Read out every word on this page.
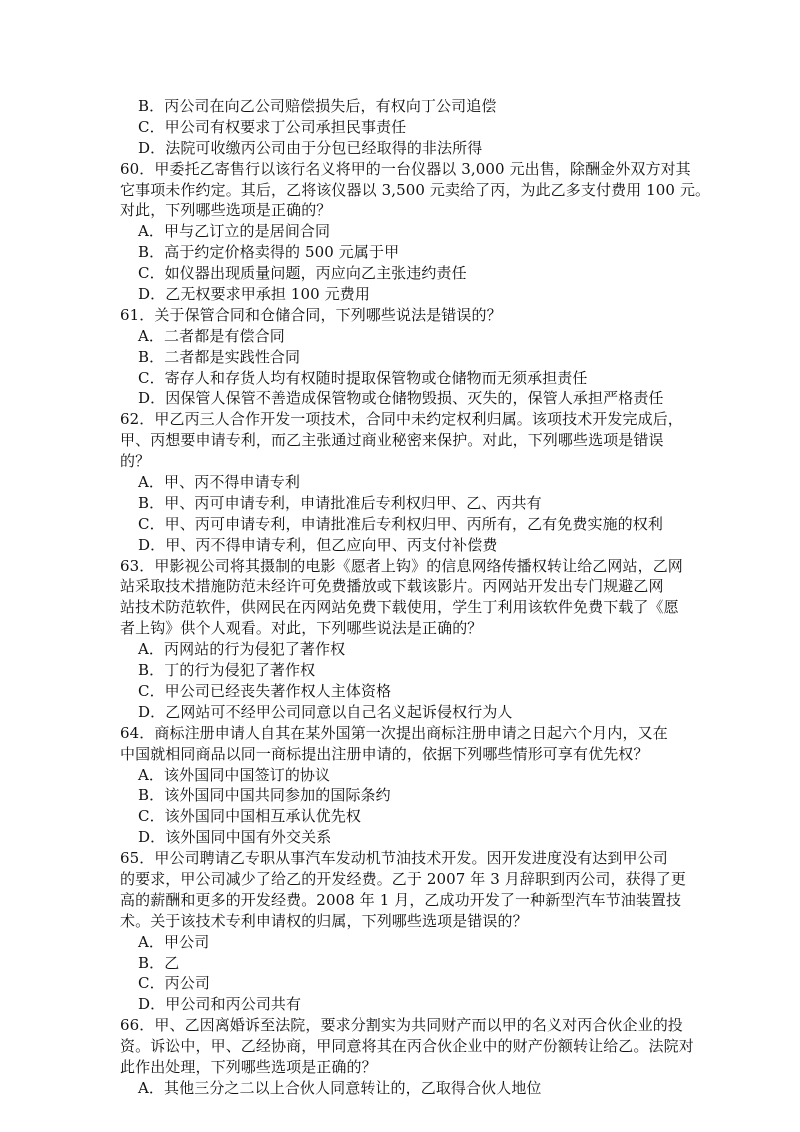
B．丙公司在向乙公司赔偿损失后，有权向丁公司追偿
C．甲公司有权要求丁公司承担民事责任
D．法院可收缴丙公司由于分包已经取得的非法所得
60．甲委托乙寄售行以该行名义将甲的一台仪器以 3,000 元出售，除酬金外双方对其
它事项未作约定。其后，乙将该仪器以 3,500 元卖给了丙，为此乙多支付费用 100 元。
对此，下列哪些选项是正确的？
A．甲与乙订立的是居间合同
B．高于约定价格卖得的 500 元属于甲
C．如仪器出现质量问题，丙应向乙主张违约责任
D．乙无权要求甲承担 100 元费用
61．关于保管合同和仓储合同，下列哪些说法是错误的？
A．二者都是有偿合同
B．二者都是实践性合同
C．寄存人和存货人均有权随时提取保管物或仓储物而无须承担责任
D．因保管人保管不善造成保管物或仓储物毁损、灭失的，保管人承担严格责任
62．甲乙丙三人合作开发一项技术，合同中未约定权利归属。该项技术开发完成后，
甲、丙想要申请专利，而乙主张通过商业秘密来保护。对此，下列哪些选项是错误
的？
A．甲、丙不得申请专利
B．甲、丙可申请专利，申请批准后专利权归甲、乙、丙共有
C．甲、丙可申请专利，申请批准后专利权归甲、丙所有，乙有免费实施的权利
D．甲、丙不得申请专利，但乙应向甲、丙支付补偿费
63．甲影视公司将其摄制的电影《愿者上钩》的信息网络传播权转让给乙网站，乙网
站采取技术措施防范未经许可免费播放或下载该影片。丙网站开发出专门规避乙网
站技术防范软件，供网民在丙网站免费下载使用，学生丁利用该软件免费下载了《愿
者上钩》供个人观看。对此，下列哪些说法是正确的？
A．丙网站的行为侵犯了著作权
B．丁的行为侵犯了著作权
C．甲公司已经丧失著作权人主体资格
D．乙网站可不经甲公司同意以自己名义起诉侵权行为人
64．商标注册申请人自其在某外国第一次提出商标注册申请之日起六个月内，又在
中国就相同商品以同一商标提出注册申请的，依据下列哪些情形可享有优先权？
A．该外国同中国签订的协议
B．该外国同中国共同参加的国际条约
C．该外国同中国相互承认优先权
D．该外国同中国有外交关系
65．甲公司聘请乙专职从事汽车发动机节油技术开发。因开发进度没有达到甲公司
的要求，甲公司减少了给乙的开发经费。乙于 2007 年 3 月辞职到丙公司，获得了更
高的薪酬和更多的开发经费。2008 年 1 月，乙成功开发了一种新型汽车节油装置技
术。关于该技术专利申请权的归属，下列哪些选项是错误的？
A．甲公司
B．乙
C．丙公司
D．甲公司和丙公司共有
66．甲、乙因离婚诉至法院，要求分割实为共同财产而以甲的名义对丙合伙企业的投
资。诉讼中，甲、乙经协商，甲同意将其在丙合伙企业中的财产份额转让给乙。法院对
此作出处理，下列哪些选项是正确的？
A．其他三分之二以上合伙人同意转让的，乙取得合伙人地位
